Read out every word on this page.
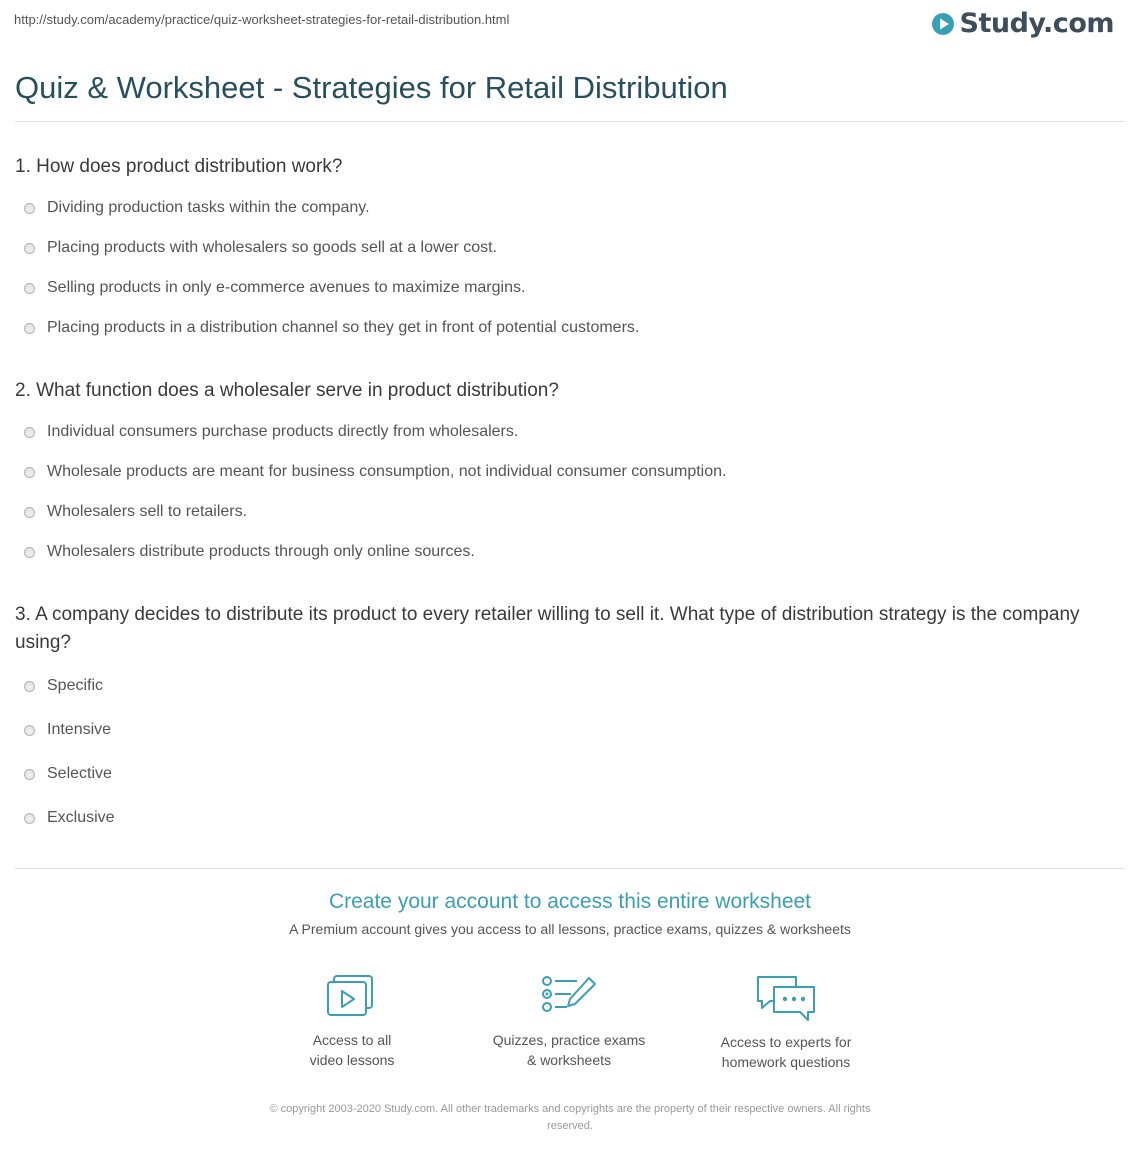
http://study.com/academy/practice/quiz-worksheet-strategies-for-retail-distribution.html	Study.com
Quiz & Worksheet - Strategies for Retail Distribution
1. How does product distribution work?
Dividing production tasks within the company.
Placing products with wholesalers so goods sell at a lower cost.
Selling products in only e-commerce avenues to maximize margins.
Placing products in a distribution channel so they get in front of potential customers.
2. What function does a wholesaler serve in product distribution?
Individual consumers purchase products directly from wholesalers.
Wholesale products are meant for business consumption, not individual consumer consumption.
Wholesalers sell to retailers.
Wholesalers distribute products through only online sources.
3. A company decides to distribute its product to every retailer willing to sell it. What type of distribution strategy is the company using?
Specific
Intensive
Selective
Exclusive
Create your account to access this entire worksheet
A Premium account gives you access to all lessons, practice exams, quizzes & worksheets
Access to all
video lessons
Quizzes, practice exams
& worksheets
Access to experts for
homework questions
© copyright 2003-2020 Study.com. All other trademarks and copyrights are the property of their respective owners. All rights
reserved.
